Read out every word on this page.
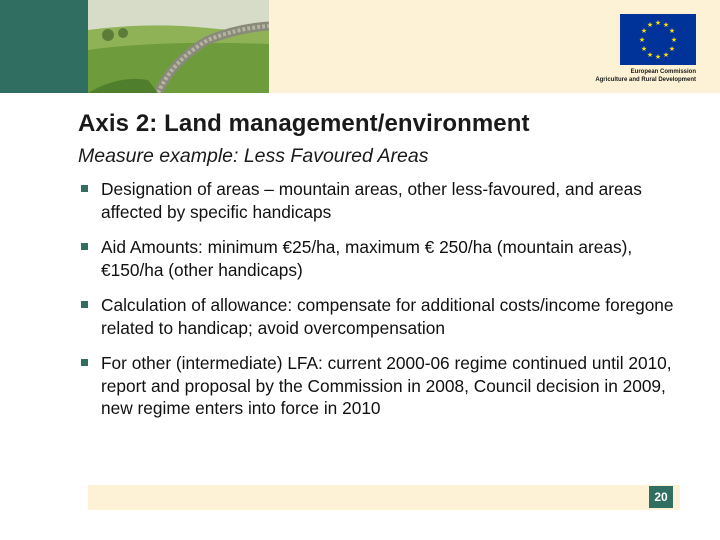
★ ★
★
★
★
★
★
★
★
★
★
★
European Commission
Agriculture and Rural Development
Axis 2: Land management/environment
Measure example: Less Favoured Areas
Designation of areas – mountain areas, other less-favoured, and areas affected by specific handicaps
Aid Amounts: minimum €25/ha, maximum € 250/ha (mountain areas), €150/ha (other handicaps)
Calculation of allowance: compensate for additional costs/income foregone related to handicap; avoid overcompensation
For other (intermediate) LFA: current 2000-06 regime continued until 2010, report and proposal by the Commission in 2008, Council decision in 2009, new regime enters into force in 2010
20
